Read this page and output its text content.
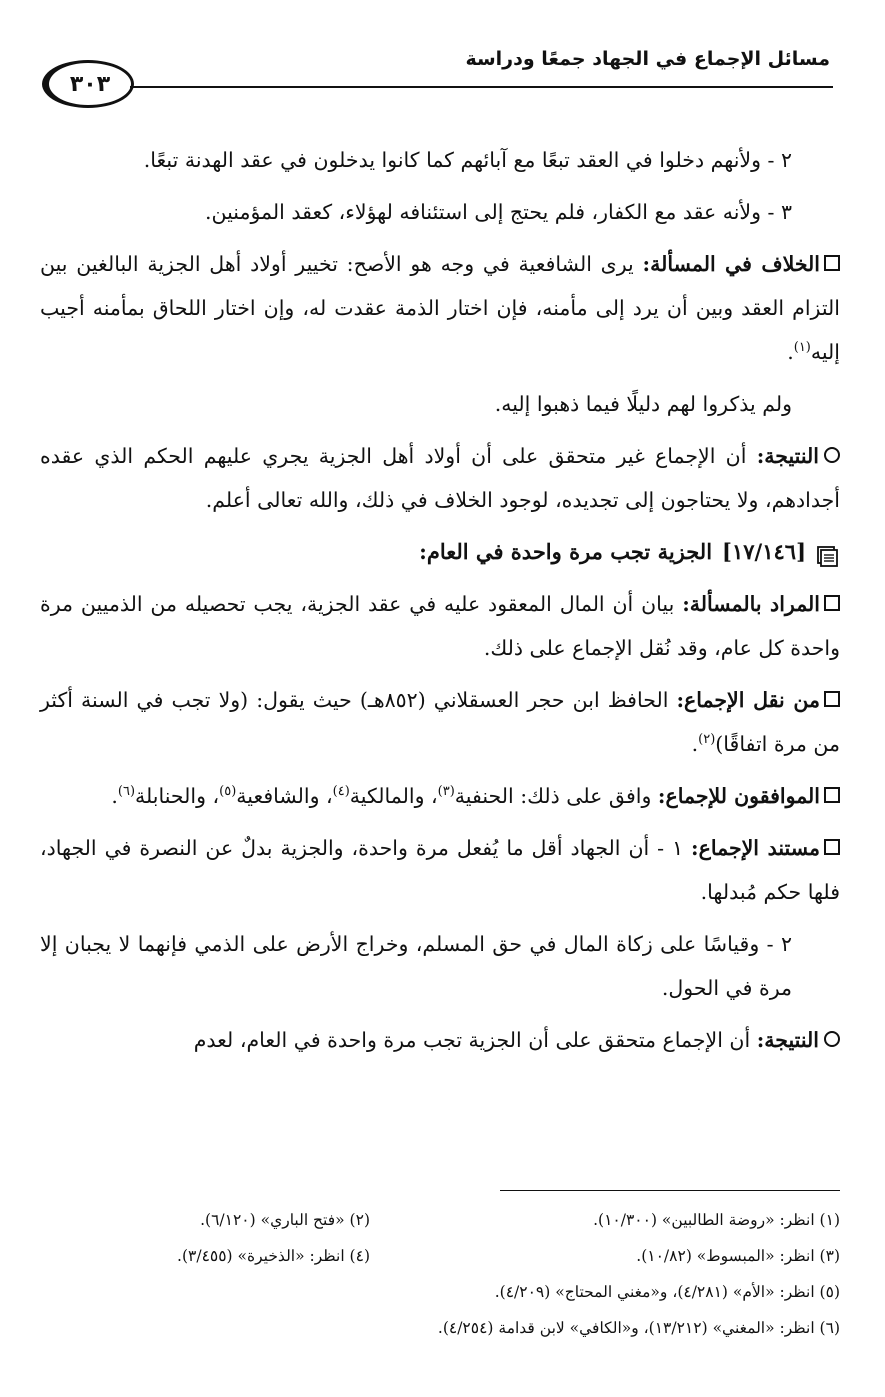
مسائل الإجماع في الجهاد جمعًا ودراسة
٣٠٣

٢ - ولأنهم دخلوا في العقد تبعًا مع آبائهم كما كانوا يدخلون في عقد الهدنة تبعًا.

٣ - ولأنه عقد مع الكفار، فلم يحتج إلى استئنافه لهؤلاء، كعقد المؤمنين.

الخلاف في المسألة: يرى الشافعية في وجه هو الأصح: تخيير أولاد أهل الجزية البالغين بين التزام العقد وبين أن يرد إلى مأمنه، فإن اختار الذمة عقدت له، وإن اختار اللحاق بمأمنه أجيب إليه$^{(١)}$.

ولم يذكروا لهم دليلًا فيما ذهبوا إليه.

النتيجة: أن الإجماع غير متحقق على أن أولاد أهل الجزية يجري عليهم الحكم الذي عقده أجدادهم، ولا يحتاجون إلى تجديده، لوجود الخلاف في ذلك، والله تعالى أعلم.

[١٧/١٤٦]
الجزية تجب مرة واحدة في العام:

المراد بالمسألة: بيان أن المال المعقود عليه في عقد الجزية، يجب تحصيله من الذميين مرة واحدة كل عام، وقد نُقل الإجماع على ذلك.

من نقل الإجماع: الحافظ ابن حجر العسقلاني (٨٥٢هـ) حيث يقول: (ولا تجب في السنة أكثر من مرة اتفاقًا)$^{(٢)}$.

الموافقون للإجماع: وافق على ذلك: الحنفية$^{(٣)}$، والمالكية$^{(٤)}$، والشافعية$^{(٥)}$، والحنابلة$^{(٦)}$.

مستند الإجماع: ١ - أن الجهاد أقل ما يُفعل مرة واحدة، والجزية بدلٌ عن النصرة في الجهاد، فلها حكم مُبدلها.

٢ - وقياسًا على زكاة المال في حق المسلم، وخراج الأرض على الذمي فإنهما لا يجبان إلا مرة في الحول.

النتيجة: أن الإجماع متحقق على أن الجزية تجب مرة واحدة في العام، لعدم

(١) انظر: «روضة الطالبين» (١٠/٣٠٠).
(٢) «فتح الباري» (٦/١٢٠).
(٣) انظر: «المبسوط» (١٠/٨٢).
(٤) انظر: «الذخيرة» (٣/٤٥٥).
(٥) انظر: «الأم» (٤/٢٨١)، و«مغني المحتاج» (٤/٢٠٩).
(٦) انظر: «المغني» (١٣/٢١٢)، و«الكافي» لابن قدامة (٤/٢٥٤).
